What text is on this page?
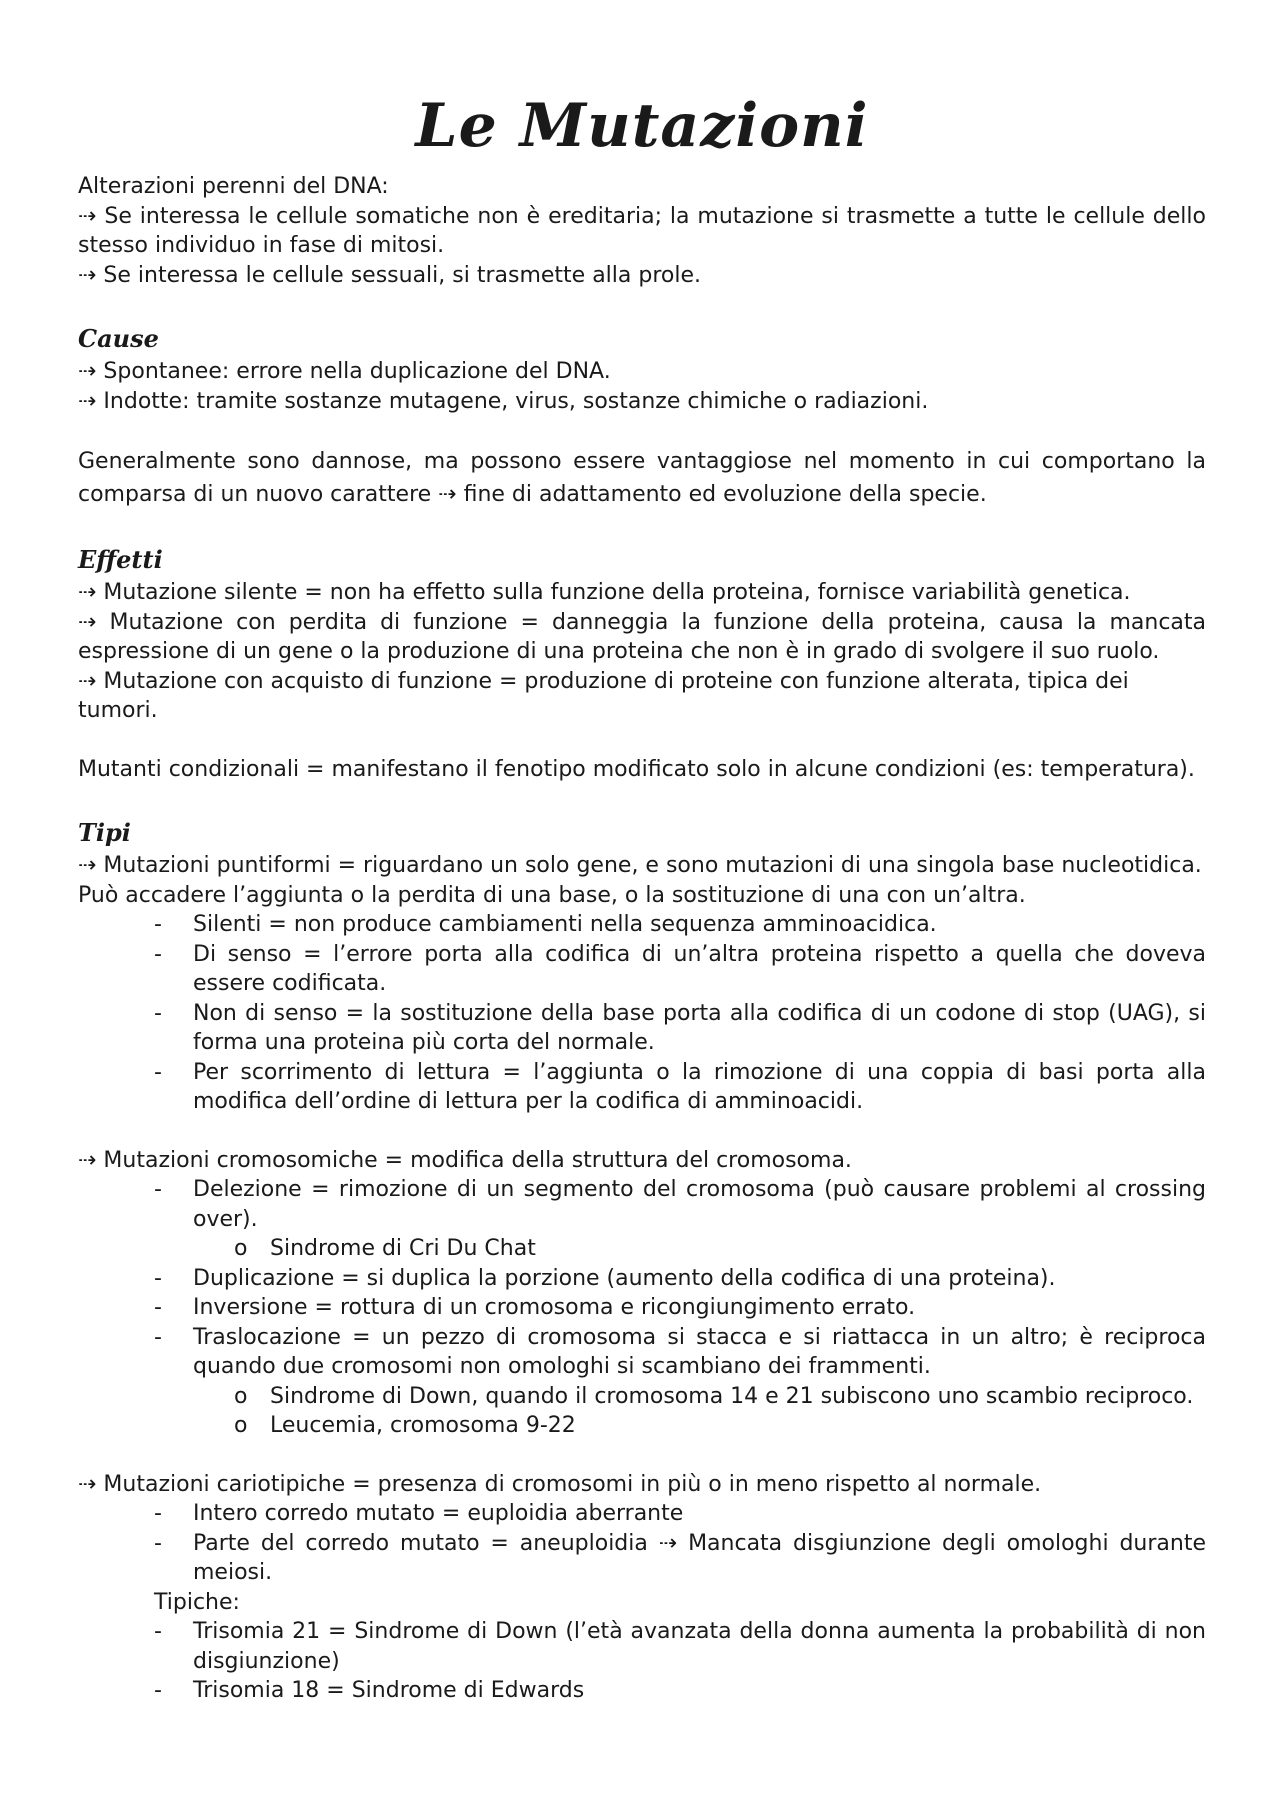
Le Mutazioni

Alterazioni perenni del DNA:

⇢ Se interessa le cellule somatiche non è ereditaria; la mutazione si trasmette a tutte le cellule dello stesso individuo in fase di mitosi.

⇢ Se interessa le cellule sessuali, si trasmette alla prole.

Cause

⇢ Spontanee: errore nella duplicazione del DNA.

⇢ Indotte: tramite sostanze mutagene, virus, sostanze chimiche o radiazioni.

Generalmente sono dannose, ma possono essere vantaggiose nel momento in cui comportano la comparsa di un nuovo carattere ⇢ fine di adattamento ed evoluzione della specie.

Effetti

⇢ Mutazione silente = non ha effetto sulla funzione della proteina, fornisce variabilità genetica.

⇢ Mutazione con perdita di funzione = danneggia la funzione della proteina, causa la mancata espressione di un gene o la produzione di una proteina che non è in grado di svolgere il suo ruolo.

⇢ Mutazione con acquisto di funzione = produzione di proteine con funzione alterata, tipica dei tumori.

Mutanti condizionali = manifestano il fenotipo modificato solo in alcune condizioni (es: temperatura).

Tipi

⇢ Mutazioni puntiformi = riguardano un solo gene, e sono mutazioni di una singola base nucleotidica. Può accadere l’aggiunta o la perdita di una base, o la sostituzione di una con un’altra.

- Silenti = non produce cambiamenti nella sequenza amminoacidica.
- Di senso = l’errore porta alla codifica di un’altra proteina rispetto a quella che doveva essere codificata.
- Non di senso = la sostituzione della base porta alla codifica di un codone di stop (UAG), si forma una proteina più corta del normale.
- Per scorrimento di lettura = l’aggiunta o la rimozione di una coppia di basi porta alla modifica dell’ordine di lettura per la codifica di amminoacidi.

⇢ Mutazioni cromosomiche = modifica della struttura del cromosoma.

- Delezione = rimozione di un segmento del cromosoma (può causare problemi al crossing over).
o Sindrome di Cri Du Chat
- Duplicazione = si duplica la porzione (aumento della codifica di una proteina).
- Inversione = rottura di un cromosoma e ricongiungimento errato.
- Traslocazione = un pezzo di cromosoma si stacca e si riattacca in un altro; è reciproca quando due cromosomi non omologhi si scambiano dei frammenti.
o Sindrome di Down, quando il cromosoma 14 e 21 subiscono uno scambio reciproco.
o Leucemia, cromosoma 9-22

⇢ Mutazioni cariotipiche = presenza di cromosomi in più o in meno rispetto al normale.

- Intero corredo mutato = euploidia aberrante
- Parte del corredo mutato = aneuploidia ⇢ Mancata disgiunzione degli omologhi durante meiosi.

Tipiche:

- Trisomia 21 = Sindrome di Down (l’età avanzata della donna aumenta la probabilità di non disgiunzione)
- Trisomia 18 = Sindrome di Edwards
